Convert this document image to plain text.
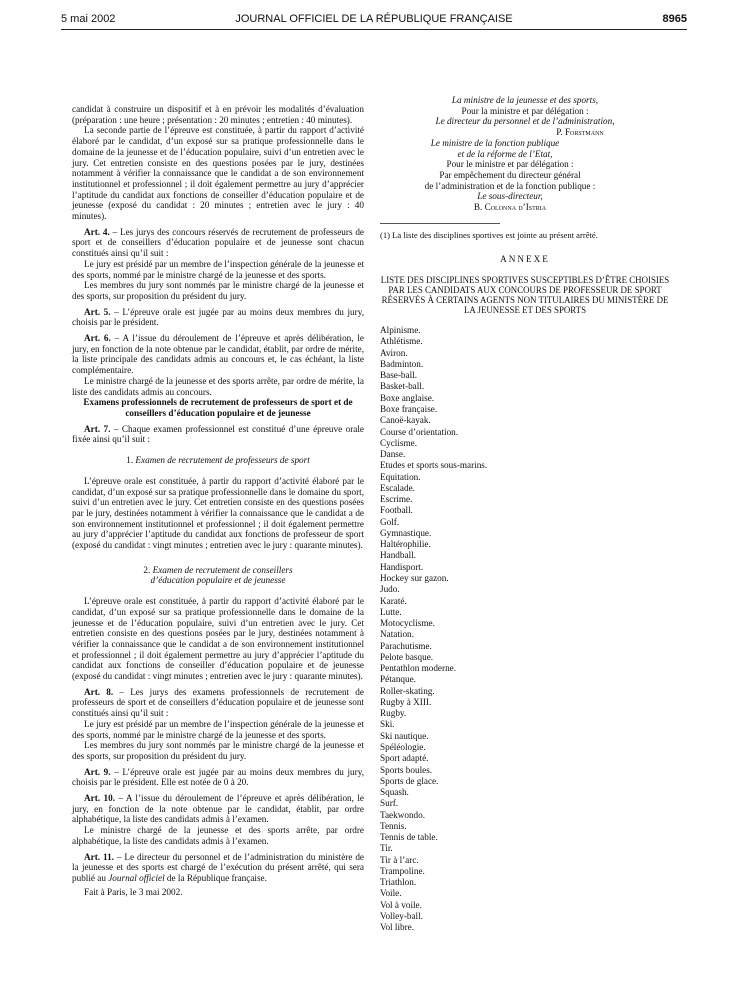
5 mai 2002	JOURNAL OFFICIEL DE LA RÉPUBLIQUE FRANÇAISE	8965

candidat à construire un dispositif et à en prévoir les modalités d’évaluation (préparation : une heure ; présentation : 20 minutes ; entretien : 40 minutes).

La seconde partie de l’épreuve est constituée, à partir du rapport d’activité élaboré par le candidat, d’un exposé sur sa pratique professionnelle dans le domaine de la jeunesse et de l’éducation populaire, suivi d’un entretien avec le jury. Cet entretien consiste en des questions posées par le jury, destinées notamment à vérifier la connaissance que le candidat a de son environnement institutionnel et professionnel ; il doit également permettre au jury d’apprécier l’aptitude du candidat aux fonctions de conseiller d’éducation populaire et de jeunesse (exposé du candidat : 20 minutes ; entretien avec le jury : 40 minutes).

Art. 4. – Les jurys des concours réservés de recrutement de professeurs de sport et de conseillers d’éducation populaire et de jeunesse sont chacun constitués ainsi qu’il suit :

Le jury est présidé par un membre de l’inspection générale de la jeunesse et des sports, nommé par le ministre chargé de la jeunesse et des sports.

Les membres du jury sont nommés par le ministre chargé de la jeunesse et des sports, sur proposition du président du jury.

Art. 5. – L’épreuve orale est jugée par au moins deux membres du jury, choisis par le président.

Art. 6. – A l’issue du déroulement de l’épreuve et après délibération, le jury, en fonction de la note obtenue par le candidat, établit, par ordre de mérite, la liste principale des candidats admis au concours et, le cas échéant, la liste complémentaire.

Le ministre chargé de la jeunesse et des sports arrête, par ordre de mérite, la liste des candidats admis au concours.

Examens professionnels de recrutement de professeurs de sport et de conseillers d’éducation populaire et de jeunesse

Art. 7. – Chaque examen professionnel est constitué d’une épreuve orale fixée ainsi qu’il suit :

1. Examen de recrutement de professeurs de sport

L’épreuve orale est constituée, à partir du rapport d’activité élaboré par le candidat, d’un exposé sur sa pratique professionnelle dans le domaine du sport, suivi d’un entretien avec le jury. Cet entretien consiste en des questions posées par le jury, destinées notamment à vérifier la connaissance que le candidat a de son environnement institutionnel et professionnel ; il doit également permettre au jury d’apprécier l’aptitude du candidat aux fonctions de professeur de sport (exposé du candidat : vingt minutes ; entretien avec le jury : quarante minutes).

2. Examen de recrutement de conseillers d’éducation populaire et de jeunesse

L’épreuve orale est constituée, à partir du rapport d’activité élaboré par le candidat, d’un exposé sur sa pratique professionnelle dans le domaine de la jeunesse et de l’éducation populaire, suivi d’un entretien avec le jury. Cet entretien consiste en des questions posées par le jury, destinées notamment à vérifier la connaissance que le candidat a de son environnement institutionnel et professionnel ; il doit également permettre au jury d’apprécier l’aptitude du candidat aux fonctions de conseiller d’éducation populaire et de jeunesse (exposé du candidat : vingt minutes ; entretien avec le jury : quarante minutes).

Art. 8. – Les jurys des examens professionnels de recrutement de professeurs de sport et de conseillers d’éducation populaire et de jeunesse sont constitués ainsi qu’il suit :

Le jury est présidé par un membre de l’inspection générale de la jeunesse et des sports, nommé par le ministre chargé de la jeunesse et des sports.

Les membres du jury sont nommés par le ministre chargé de la jeunesse et des sports, sur proposition du président du jury.

Art. 9. – L’épreuve orale est jugée par au moins deux membres du jury, choisis par le président. Elle est notée de 0 à 20.

Art. 10. – A l’issue du déroulement de l’épreuve et après délibération, le jury, en fonction de la note obtenue par le candidat, établit, par ordre alphabétique, la liste des candidats admis à l’examen.

Le ministre chargé de la jeunesse et des sports arrête, par ordre alphabétique, la liste des candidats admis à l’examen.

Art. 11. – Le directeur du personnel et de l’administration du ministère de la jeunesse et des sports est chargé de l’exécution du présent arrêté, qui sera publié au Journal officiel de la République française.

Fait à Paris, le 3 mai 2002.

La ministre de la jeunesse et des sports,

Pour la ministre et par délégation :

Le directeur du personnel et de l’administration,

P. Forstmann

Le ministre de la fonction publique

et de la réforme de l’Etat,

Pour le ministre et par délégation :

Par empêchement du directeur général

de l’administration et de la fonction publique :

Le sous-directeur,

B. Colonna d’Istria

(1) La liste des disciplines sportives est jointe au présent arrêté.

ANNEXE

LISTE DES DISCIPLINES SPORTIVES SUSCEPTIBLES D’ÊTRE CHOISIES PAR LES CANDIDATS AUX CONCOURS DE PROFESSEUR DE SPORT RÉSERVÉS À CERTAINS AGENTS NON TITULAIRES DU MINISTÈRE DE LA JEUNESSE ET DES SPORTS

Alpinisme.
Athlétisme.
Aviron.
Badminton.
Base-ball.
Basket-ball.
Boxe anglaise.
Boxe française.
Canoë-kayak.
Course d’orientation.
Cyclisme.
Danse.
Etudes et sports sous-marins.
Equitation.
Escalade.
Escrime.
Football.
Golf.
Gymnastique.
Haltérophilie.
Handball.
Handisport.
Hockey sur gazon.
Judo.
Karaté.
Lutte.
Motocyclisme.
Natation.
Parachutisme.
Pelote basque.
Pentathlon moderne.
Pétanque.
Roller-skating.
Rugby à XIII.
Rugby.
Ski.
Ski nautique.
Spéléologie.
Sport adapté.
Sports boules.
Sports de glace.
Squash.
Surf.
Taekwondo.
Tennis.
Tennis de table.
Tir.
Tir à l’arc.
Trampoline.
Triathlon.
Voile.
Vol à voile.
Volley-ball.
Vol libre.
